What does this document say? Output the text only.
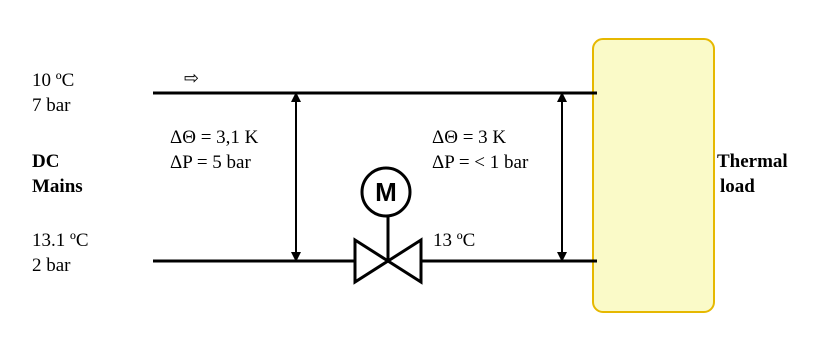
M
⇨
10 ºC
7 bar
DC
Mains
13.1 ºC
2 bar
ΔΘ = 3,1 K
ΔP = 5 bar
ΔΘ = 3 K
ΔP = < 1 bar
13 ºC
Thermal
load
